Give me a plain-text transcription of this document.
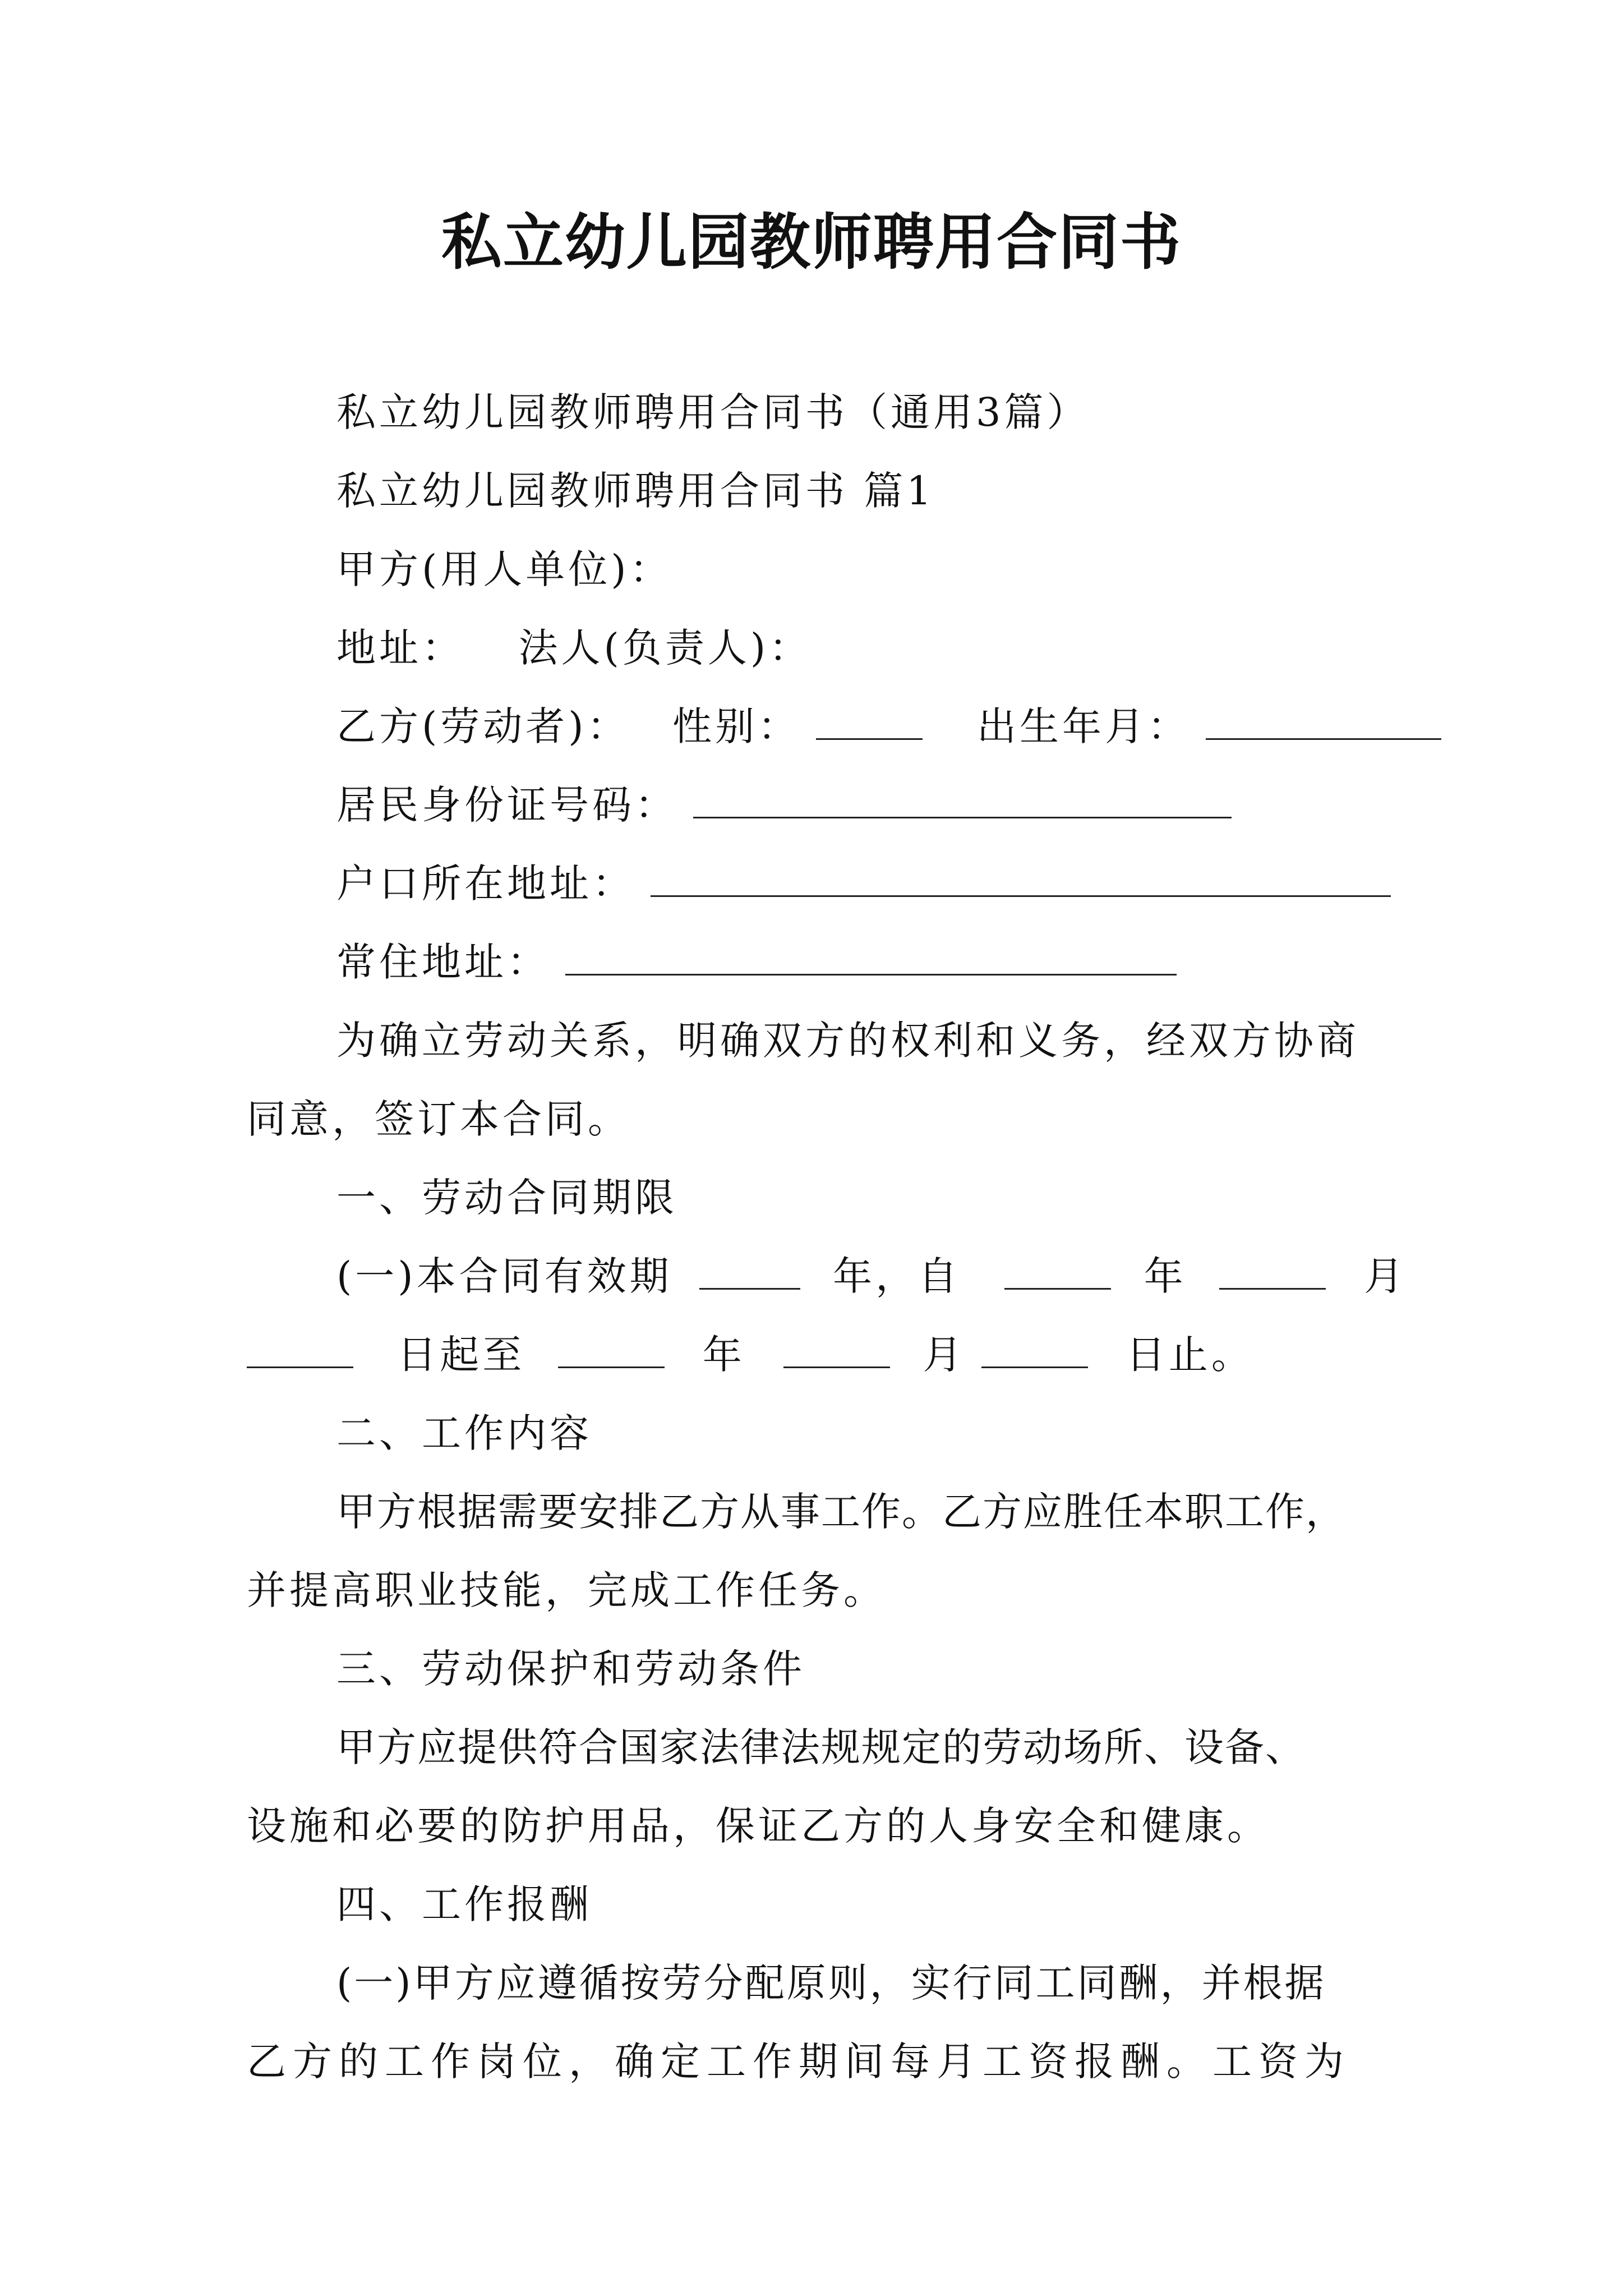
私立幼儿园教师聘用合同书
私立幼儿园教师聘用合同书（通用3篇）
私立幼儿园教师聘用合同书 篇1
甲方(用人单位)：
地址： 法人(负责人)：
乙方(劳动者)： 性别：	出生年月：
居民身份证号码：
户口所在地址：
常住地址：
为确立劳动关系，明确双方的权利和义务，经双方协商
同意，签订本合同。
一、劳动合同期限
(一)本合同有效期	年，自	年	月
日起至	年	月	日止。
二、工作内容
甲方根据需要安排乙方从事工作。乙方应胜任本职工作，
并提高职业技能，完成工作任务。
三、劳动保护和劳动条件
甲方应提供符合国家法律法规规定的劳动场所、设备、
设施和必要的防护用品，保证乙方的人身安全和健康。
四、工作报酬
(一)甲方应遵循按劳分配原则，实行同工同酬，并根据
乙方的工作岗位，确定工作期间每月工资报酬。工资为
